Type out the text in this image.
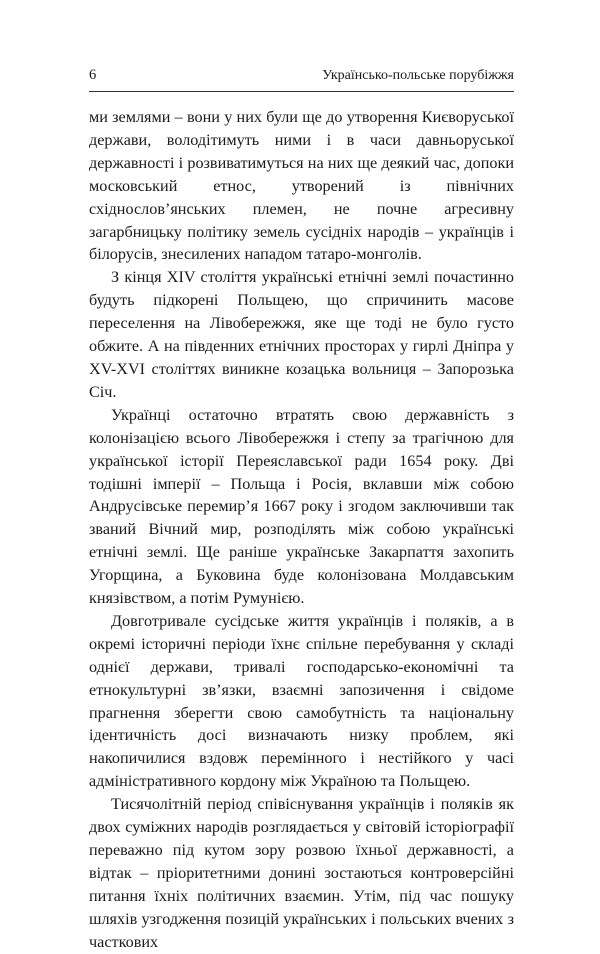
6	Українсько-польське порубіжжя

ми землями – вони у них були ще до утворення Києворуської держави, володітимуть ними і в часи давньоруської державності і розвиватимуться на них ще деякий час, допоки московський етнос, утворений із північних східнослов’янських племен, не почне агресивну загарбницьку політику земель сусідніх народів – українців і білорусів, знесилених нападом татаро-монголів.

З кінця XIV століття українські етнічні землі почастинно будуть підкорені Польщею, що спричинить масове переселення на Лівобережжя, яке ще тоді не було густо обжите. А на південних етнічних просторах у гирлі Дніпра у XV-XVI століттях виникне козацька вольниця – Запорозька Січ.

Українці остаточно втратять свою державність з колонізацією всього Лівобережжя і степу за трагічною для української історії Переяславської ради 1654 року. Дві тодішні імперії – Польща і Росія, вклавши між собою Андрусівське перемир’я 1667 року і згодом заключивши так званий Вічний мир, розподілять між собою українські етнічні землі. Ще раніше українське Закарпаття захопить Угорщина, а Буковина буде колонізована Молдавським князівством, а потім Румунією.

Довготривале сусідське життя українців і поляків, а в окремі історичні періоди їхнє спільне перебування у складі однієї держави, тривалі господарсько-економічні та етнокультурні зв’язки, взаємні запозичення і свідоме прагнення зберегти свою самобутність та національну ідентичність досі визначають низку проблем, які накопичилися вздовж перемінного і нестійкого у часі адміністративного кордону між Україною та Польщею.

Тисячолітній період співіснування українців і поляків як двох суміжних народів розглядається у світовій історіографії переважно під кутом зору розвою їхньої державності, а відтак – пріоритетними донині зостаються контроверсійні питання їхніх політичних взаємин. Утім, під час пошуку шляхів узгодження позицій українських і польських вчених з часткових
